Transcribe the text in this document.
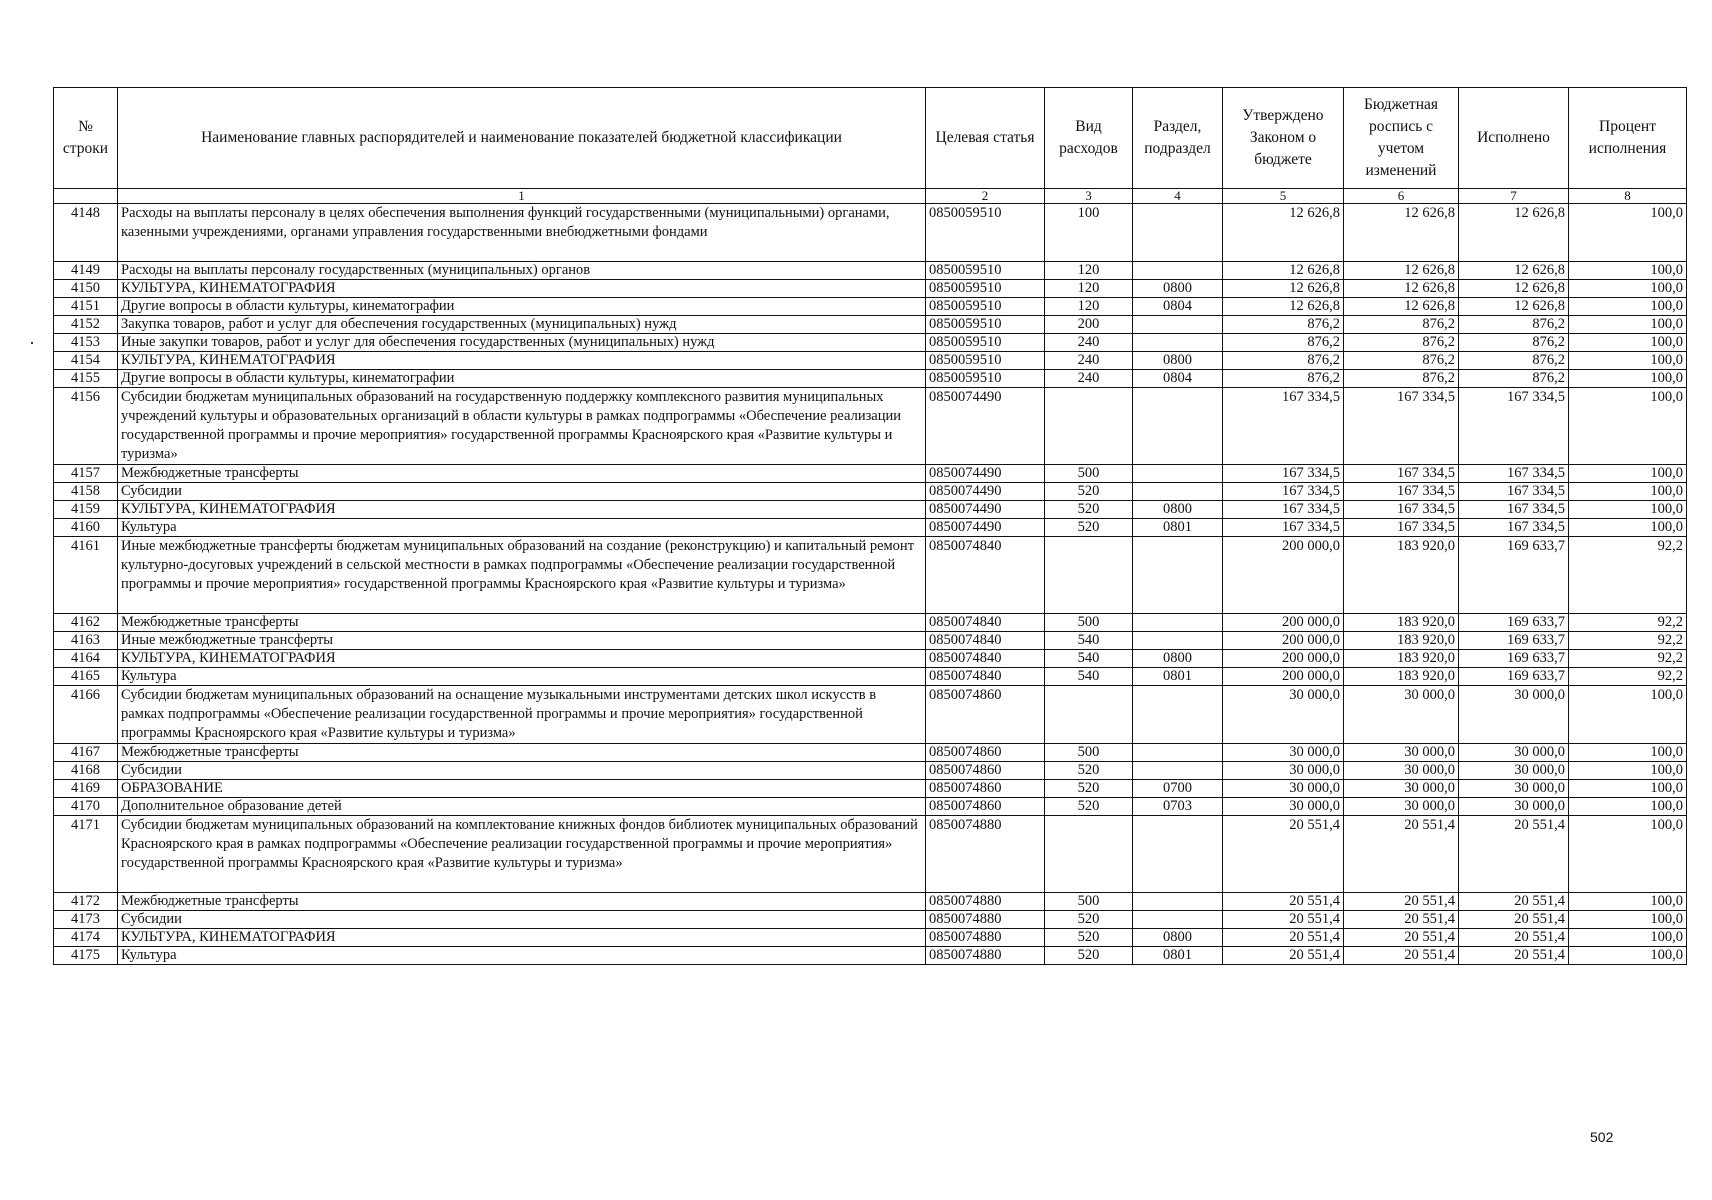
№ строки	Наименование главных распорядителей и наименование показателей бюджетной классификации	Целевая статья	Вид расходов	Раздел, подраздел	Утверждено Законом о бюджете	Бюджетная роспись с учетом изменений	Исполнено	Процент исполнения
	1	2	3	4	5	6	7	8
4148	Расходы на выплаты персоналу в целях обеспечения выполнения функций государственными (муниципальными) органами, казенными учреждениями, органами управления государственными внебюджетными фондами	0850059510	100		12 626,8	12 626,8	12 626,8	100,0
4149	Расходы на выплаты персоналу государственных (муниципальных) органов	0850059510	120		12 626,8	12 626,8	12 626,8	100,0
4150	КУЛЬТУРА, КИНЕМАТОГРАФИЯ	0850059510	120	0800	12 626,8	12 626,8	12 626,8	100,0
4151	Другие вопросы в области культуры, кинематографии	0850059510	120	0804	12 626,8	12 626,8	12 626,8	100,0
4152	Закупка товаров, работ и услуг для обеспечения государственных (муниципальных) нужд	0850059510	200		876,2	876,2	876,2	100,0
4153	Иные закупки товаров, работ и услуг для обеспечения государственных (муниципальных) нужд	0850059510	240		876,2	876,2	876,2	100,0
4154	КУЛЬТУРА, КИНЕМАТОГРАФИЯ	0850059510	240	0800	876,2	876,2	876,2	100,0
4155	Другие вопросы в области культуры, кинематографии	0850059510	240	0804	876,2	876,2	876,2	100,0
4156	Субсидии бюджетам муниципальных образований на государственную поддержку комплексного развития муниципальных учреждений культуры и образовательных организаций в области культуры в рамках подпрограммы «Обеспечение реализации государственной программы и прочие мероприятия» государственной программы Красноярского края «Развитие культуры и туризма»	0850074490			167 334,5	167 334,5	167 334,5	100,0
4157	Межбюджетные трансферты	0850074490	500		167 334,5	167 334,5	167 334,5	100,0
4158	Субсидии	0850074490	520		167 334,5	167 334,5	167 334,5	100,0
4159	КУЛЬТУРА, КИНЕМАТОГРАФИЯ	0850074490	520	0800	167 334,5	167 334,5	167 334,5	100,0
4160	Культура	0850074490	520	0801	167 334,5	167 334,5	167 334,5	100,0
4161	Иные межбюджетные трансферты бюджетам муниципальных образований на создание (реконструкцию) и капитальный ремонт культурно-досуговых учреждений в сельской местности в рамках подпрограммы «Обеспечение реализации государственной программы и прочие мероприятия» государственной программы Красноярского края «Развитие культуры и туризма»	0850074840			200 000,0	183 920,0	169 633,7	92,2
4162	Межбюджетные трансферты	0850074840	500		200 000,0	183 920,0	169 633,7	92,2
4163	Иные межбюджетные трансферты	0850074840	540		200 000,0	183 920,0	169 633,7	92,2
4164	КУЛЬТУРА, КИНЕМАТОГРАФИЯ	0850074840	540	0800	200 000,0	183 920,0	169 633,7	92,2
4165	Культура	0850074840	540	0801	200 000,0	183 920,0	169 633,7	92,2
4166	Субсидии бюджетам муниципальных образований на оснащение музыкальными инструментами детских школ искусств в рамках подпрограммы «Обеспечение реализации государственной программы и прочие мероприятия» государственной программы Красноярского края «Развитие культуры и туризма»	0850074860			30 000,0	30 000,0	30 000,0	100,0
4167	Межбюджетные трансферты	0850074860	500		30 000,0	30 000,0	30 000,0	100,0
4168	Субсидии	0850074860	520		30 000,0	30 000,0	30 000,0	100,0
4169	ОБРАЗОВАНИЕ	0850074860	520	0700	30 000,0	30 000,0	30 000,0	100,0
4170	Дополнительное образование детей	0850074860	520	0703	30 000,0	30 000,0	30 000,0	100,0
4171	Субсидии бюджетам муниципальных образований на комплектование книжных фондов библиотек муниципальных образований Красноярского края в рамках подпрограммы «Обеспечение реализации государственной программы и прочие мероприятия» государственной программы Красноярского края «Развитие культуры и туризма»	0850074880			20 551,4	20 551,4	20 551,4	100,0
4172	Межбюджетные трансферты	0850074880	500		20 551,4	20 551,4	20 551,4	100,0
4173	Субсидии	0850074880	520		20 551,4	20 551,4	20 551,4	100,0
4174	КУЛЬТУРА, КИНЕМАТОГРАФИЯ	0850074880	520	0800	20 551,4	20 551,4	20 551,4	100,0
4175	Культура	0850074880	520	0801	20 551,4	20 551,4	20 551,4	100,0
502
